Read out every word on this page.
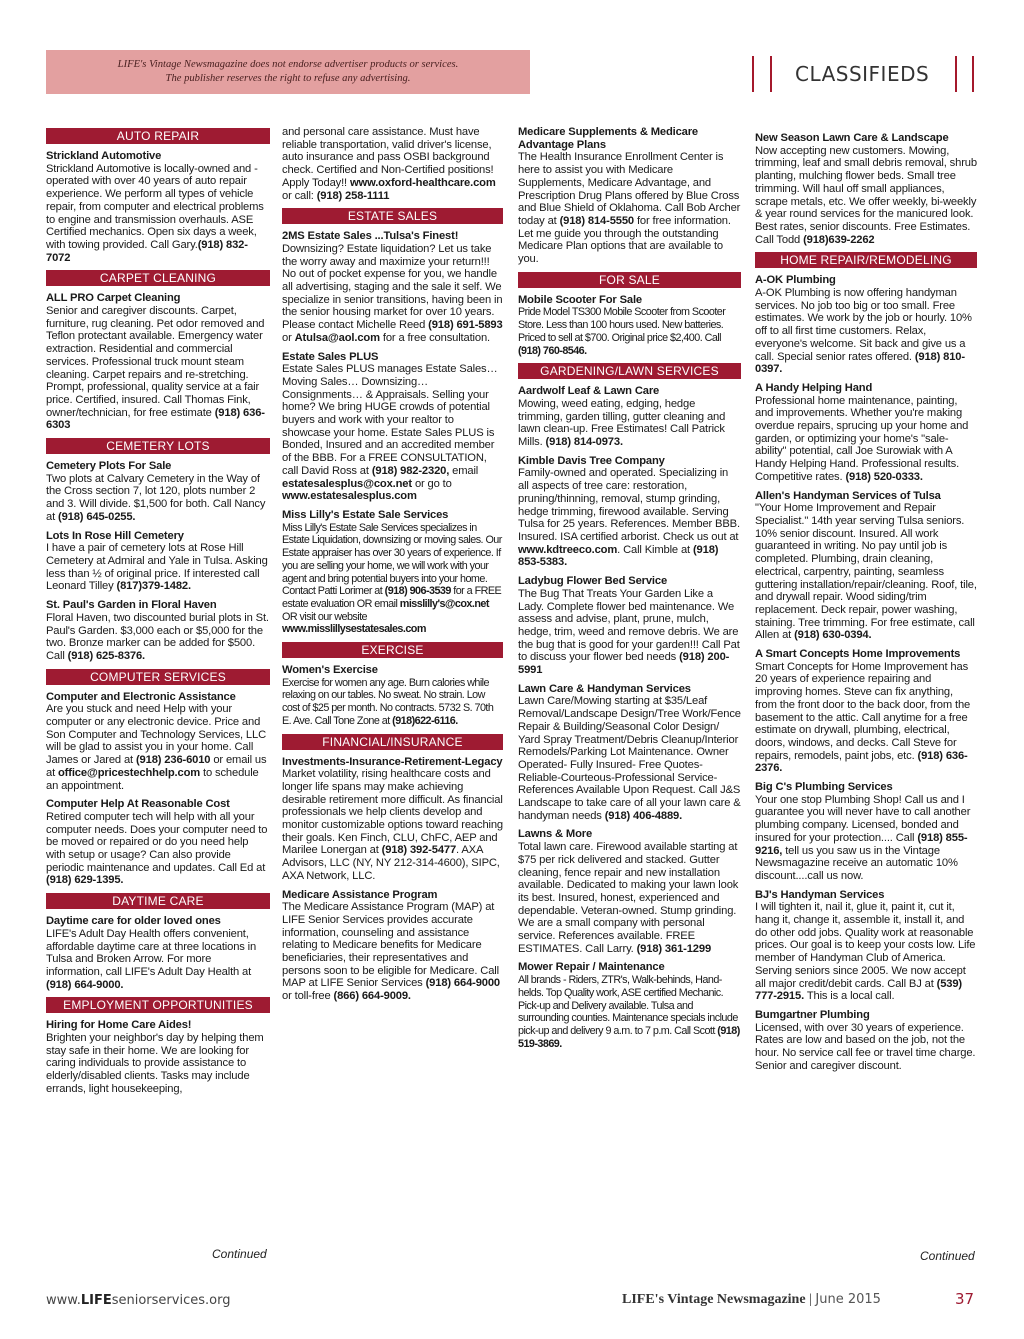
LIFE's Vintage Newsmagazine does not endorse advertiser products or services.
The publisher reserves the right to refuse any advertising.	CLASSIFIEDS
AUTO REPAIR
Strickland Automotive

Strickland Automotive is locally-owned and - operated with over 40 years of auto repair experience. We perform all types of vehicle repair, from computer and electrical problems to engine and transmission overhauls. ASE Certified mechanics. Open six days a week, with towing provided. Call Gary.(918) 832-7072

CARPET CLEANING
ALL PRO Carpet Cleaning

Senior and caregiver discounts. Carpet, furniture, rug cleaning. Pet odor removed and Teflon protectant available. Emergency water extraction. Residential and commercial services. Professional truck mount steam cleaning. Carpet repairs and re-stretching. Prompt, professional, quality service at a fair price. Certified, insured. Call Thomas Fink, owner/technician, for free estimate (918) 636-6303

CEMETERY LOTS
Cemetery Plots For Sale

Two plots at Calvary Cemetery in the Way of the Cross section 7, lot 120, plots number 2 and 3. Will divide. $1,500 for both. Call Nancy at (918) 645-0255.

Lots In Rose Hill Cemetery

I have a pair of cemetery lots at Rose Hill Cemetery at Admiral and Yale in Tulsa. Asking less than ½ of original price. If interested call Leonard Tilley (817)379-1482.

St. Paul's Garden in Floral Haven

Floral Haven, two discounted burial plots in St. Paul's Garden. $3,000 each or $5,000 for the two. Bronze marker can be added for $500. Call (918) 625-8376.

COMPUTER SERVICES
Computer and Electronic Assistance

Are you stuck and need Help with your computer or any electronic device. Price and Son Computer and Technology Services, LLC will be glad to assist you in your home. Call James or Jared at (918) 236-6010 or email us at office@pricestechhelp.com to schedule an appointment.

Computer Help At Reasonable Cost

Retired computer tech will help with all your computer needs. Does your computer need to be moved or repaired or do you need help with setup or usage? Can also provide periodic maintenance and updates. Call Ed at (918) 629-1395.

DAYTIME CARE
Daytime care for older loved ones

LIFE's Adult Day Health offers convenient, affordable daytime care at three locations in Tulsa and Broken Arrow. For more information, call LIFE's Adult Day Health at (918) 664-9000.

EMPLOYMENT OPPORTUNITIES
Hiring for Home Care Aides!

Brighten your neighbor's day by helping them stay safe in their home. We are looking for caring individuals to provide assistance to elderly/disabled clients. Tasks may include errands, light housekeeping,

Continued

and personal care assistance. Must have reliable transportation, valid driver's license, auto insurance and pass OSBI background check. Certified and Non-Certified positions! Apply Today!! www.oxford-healthcare.com or call: (918) 258-1111

ESTATE SALES
2MS Estate Sales ...Tulsa's Finest!

Downsizing? Estate liquidation? Let us take the worry away and maximize your return!!! No out of pocket expense for you, we handle all advertising, staging and the sale it self. We specialize in senior transitions, having been in the senior housing market for over 10 years. Please contact Michelle Reed (918) 691-5893 or Atulsa@aol.com for a free consultation.

Estate Sales PLUS

Estate Sales PLUS manages Estate Sales… Moving Sales… Downsizing… Consignments… & Appraisals. Selling your home? We bring HUGE crowds of potential buyers and work with your realtor to showcase your home. Estate Sales PLUS is Bonded, Insured and an accredited member of the BBB. For a FREE CONSULTATION, call David Ross at (918) 982-2320, email estatesalesplus@cox.net or go to www.estatesalesplus.com

Miss Lilly's Estate Sale Services

Miss Lilly's Estate Sale Services specializes in Estate Liquidation, downsizing or moving sales. Our Estate appraiser has over 30 years of experience. If you are selling your home, we will work with your agent and bring potential buyers into your home. Contact Patti Lorimer at (918) 906-3539 for a FREE estate evaluation OR email misslilly's@cox.net OR visit our website www.misslillysestatesales.com

EXERCISE
Women's Exercise

Exercise for women any age. Burn calories while relaxing on our tables. No sweat. No strain. Low cost of $25 per month. No contracts. 5732 S. 70th E. Ave. Call Tone Zone at (918)622-6116.

FINANCIAL/INSURANCE
Investments-Insurance-Retirement-Legacy

Market volatility, rising healthcare costs and longer life spans may make achieving desirable retirement more difficult. As financial professionals we help clients develop and monitor customizable options toward reaching their goals. Ken Finch, CLU, ChFC, AEP and Marilee Lonergan at (918) 392-5477. AXA Advisors, LLC (NY, NY 212-314-4600), SIPC, AXA Network, LLC.

Medicare Assistance Program

The Medicare Assistance Program (MAP) at LIFE Senior Services provides accurate information, counseling and assistance relating to Medicare benefits for Medicare beneficiaries, their representatives and persons soon to be eligible for Medicare. Call MAP at LIFE Senior Services (918) 664-9000 or toll-free (866) 664-9009.

Medicare Supplements & Medicare Advantage Plans

The Health Insurance Enrollment Center is here to assist you with Medicare Supplements, Medicare Advantage, and Prescription Drug Plans offered by Blue Cross and Blue Shield of Oklahoma. Call Bob Archer today at (918) 814-5550 for free information. Let me guide you through the outstanding Medicare Plan options that are available to you.

FOR SALE
Mobile Scooter For Sale

Pride Model TS300 Mobile Scooter from Scooter Store. Less than 100 hours used. New batteries. Priced to sell at $700. Original price $2,400. Call (918) 760-8546.

GARDENING/LAWN SERVICES
Aardwolf Leaf & Lawn Care

Mowing, weed eating, edging, hedge trimming, garden tilling, gutter cleaning and lawn clean-up. Free Estimates! Call Patrick Mills. (918) 814-0973.

Kimble Davis Tree Company

Family-owned and operated. Specializing in all aspects of tree care: restoration, pruning/thinning, removal, stump grinding, hedge trimming, firewood available. Serving Tulsa for 25 years. References. Member BBB. Insured. ISA certified arborist. Check us out at www.kdtreeco.com. Call Kimble at (918) 853-5383.

Ladybug Flower Bed Service

The Bug That Treats Your Garden Like a Lady. Complete flower bed maintenance. We assess and advise, plant, prune, mulch, hedge, trim, weed and remove debris. We are the bug that is good for your garden!!! Call Pat to discuss your flower bed needs (918) 200-5991

Lawn Care & Handyman Services

Lawn Care/Mowing starting at $35/Leaf Removal/Landscape Design/Tree Work/Fence Repair & Building/Seasonal Color Design/ Yard Spray Treatment/Debris Cleanup/Interior Remodels/Parking Lot Maintenance. Owner Operated- Fully Insured- Free Quotes-Reliable-Courteous-Professional Service-References Available Upon Request. Call J&S Landscape to take care of all your lawn care & handyman needs (918) 406-4889.

Lawns & More

Total lawn care. Firewood available starting at $75 per rick delivered and stacked. Gutter cleaning, fence repair and new installation available. Dedicated to making your lawn look its best. Insured, honest, experienced and dependable. Veteran-owned. Stump grinding. We are a small company with personal service. References available. FREE ESTIMATES. Call Larry. (918) 361-1299

Mower Repair / Maintenance

All brands - Riders, ZTR's, Walk-behinds, Hand-helds. Top Quality work, ASE certified Mechanic. Pick-up and Delivery available. Tulsa and surrounding counties. Maintenance specials include pick-up and delivery 9 a.m. to 7 p.m. Call Scott (918) 519-3869.

New Season Lawn Care & Landscape

Now accepting new customers. Mowing, trimming, leaf and small debris removal, shrub planting, mulching flower beds. Small tree trimming. Will haul off small appliances, scrape metals, etc. We offer weekly, bi-weekly & year round services for the manicured look. Best rates, senior discounts. Free Estimates. Call Todd (918)639-2262

HOME REPAIR/REMODELING
A-OK Plumbing

A-OK Plumbing is now offering handyman services. No job too big or too small. Free estimates. We work by the job or hourly. 10% off to all first time customers. Relax, everyone's welcome. Sit back and give us a call. Special senior rates offered. (918) 810-0397.

A Handy Helping Hand

Professional home maintenance, painting, and improvements. Whether you're making overdue repairs, sprucing up your home and garden, or optimizing your home's "sale-ability" potential, call Joe Surowiak with A Handy Helping Hand. Professional results. Competitive rates. (918) 520-0333.

Allen's Handyman Services of Tulsa

"Your Home Improvement and Repair Specialist." 14th year serving Tulsa seniors. 10% senior discount. Insured. All work guaranteed in writing. No pay until job is completed. Plumbing, drain cleaning, electrical, carpentry, painting, seamless guttering installation/repair/cleaning. Roof, tile, and drywall repair. Wood siding/trim replacement. Deck repair, power washing, staining. Tree trimming. For free estimate, call Allen at (918) 630-0394.

A Smart Concepts Home Improvements

Smart Concepts for Home Improvement has 20 years of experience repairing and improving homes. Steve can fix anything, from the front door to the back door, from the basement to the attic. Call anytime for a free estimate on drywall, plumbing, electrical, doors, windows, and decks. Call Steve for repairs, remodels, paint jobs, etc. (918) 636-2376.

Big C's Plumbing Services

Your one stop Plumbing Shop! Call us and I guarantee you will never have to call another plumbing company. Licensed, bonded and insured for your protection.... Call (918) 855-9216, tell us you saw us in the Vintage Newsmagazine receive an automatic 10% discount....call us now.

BJ's Handyman Services

I will tighten it, nail it, glue it, paint it, cut it, hang it, change it, assemble it, install it, and do other odd jobs. Quality work at reasonable prices. Our goal is to keep your costs low. Life member of Handyman Club of America. Serving seniors since 2005. We now accept all major credit/debit cards. Call BJ at (539) 777-2915. This is a local call.

Bumgartner Plumbing

Licensed, with over 30 years of experience. Rates are low and based on the job, not the hour. No service call fee or travel time charge. Senior and caregiver discount.

Continued
www.LIFEseniorservices.org	LIFE's Vintage Newsmagazine | June 2015	37
